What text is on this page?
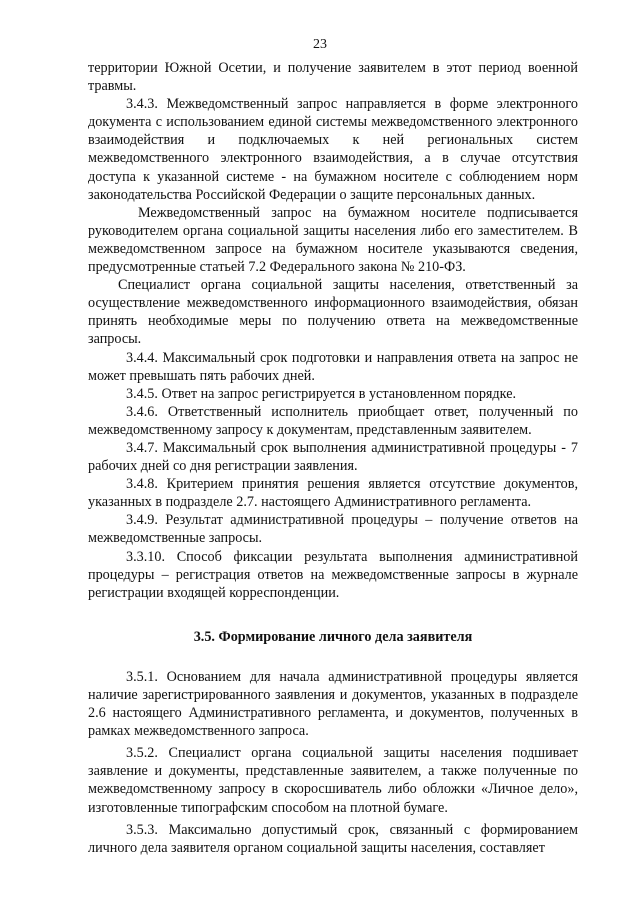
23

территории Южной Осетии, и получение заявителем в этот период военной травмы.

3.4.3. Межведомственный запрос направляется в форме электронного документа с использованием единой системы межведомственного электронного взаимодействия и подключаемых к ней региональных систем межведомственного электронного взаимодействия, а в случае отсутствия доступа к указанной системе - на бумажном носителе с соблюдением норм законодательства Российской Федерации о защите персональных данных.

Межведомственный запрос на бумажном носителе подписывается руководителем органа социальной защиты населения либо его заместителем. В межведомственном запросе на бумажном носителе указываются сведения, предусмотренные статьей 7.2 Федерального закона № 210-ФЗ.

Специалист органа социальной защиты населения, ответственный за осуществление межведомственного информационного взаимодействия, обязан принять необходимые меры по получению ответа на межведомственные запросы.

3.4.4. Максимальный срок подготовки и направления ответа на запрос не может превышать пять рабочих дней.

3.4.5. Ответ на запрос регистрируется в установленном порядке.

3.4.6. Ответственный исполнитель приобщает ответ, полученный по межведомственному запросу к документам, представленным заявителем.

3.4.7. Максимальный срок выполнения административной процедуры - 7 рабочих дней со дня регистрации заявления.

3.4.8. Критерием принятия решения является отсутствие документов, указанных в подразделе 2.7. настоящего Административного регламента.

3.4.9. Результат административной процедуры – получение ответов на межведомственные запросы.

3.3.10. Способ фиксации результата выполнения административной процедуры – регистрация ответов на межведомственные запросы в журнале регистрации входящей корреспонденции.

3.5. Формирование личного дела заявителя

3.5.1. Основанием для начала административной процедуры является наличие зарегистрированного заявления и документов, указанных в подразделе 2.6 настоящего Административного регламента, и документов, полученных в рамках межведомственного запроса.

3.5.2. Специалист органа социальной защиты населения подшивает заявление и документы, представленные заявителем, а также полученные по межведомственному запросу в скоросшиватель либо обложки «Личное дело», изготовленные типографским способом на плотной бумаге.

3.5.3. Максимально допустимый срок, связанный с формированием личного дела заявителя органом социальной защиты населения, составляет
